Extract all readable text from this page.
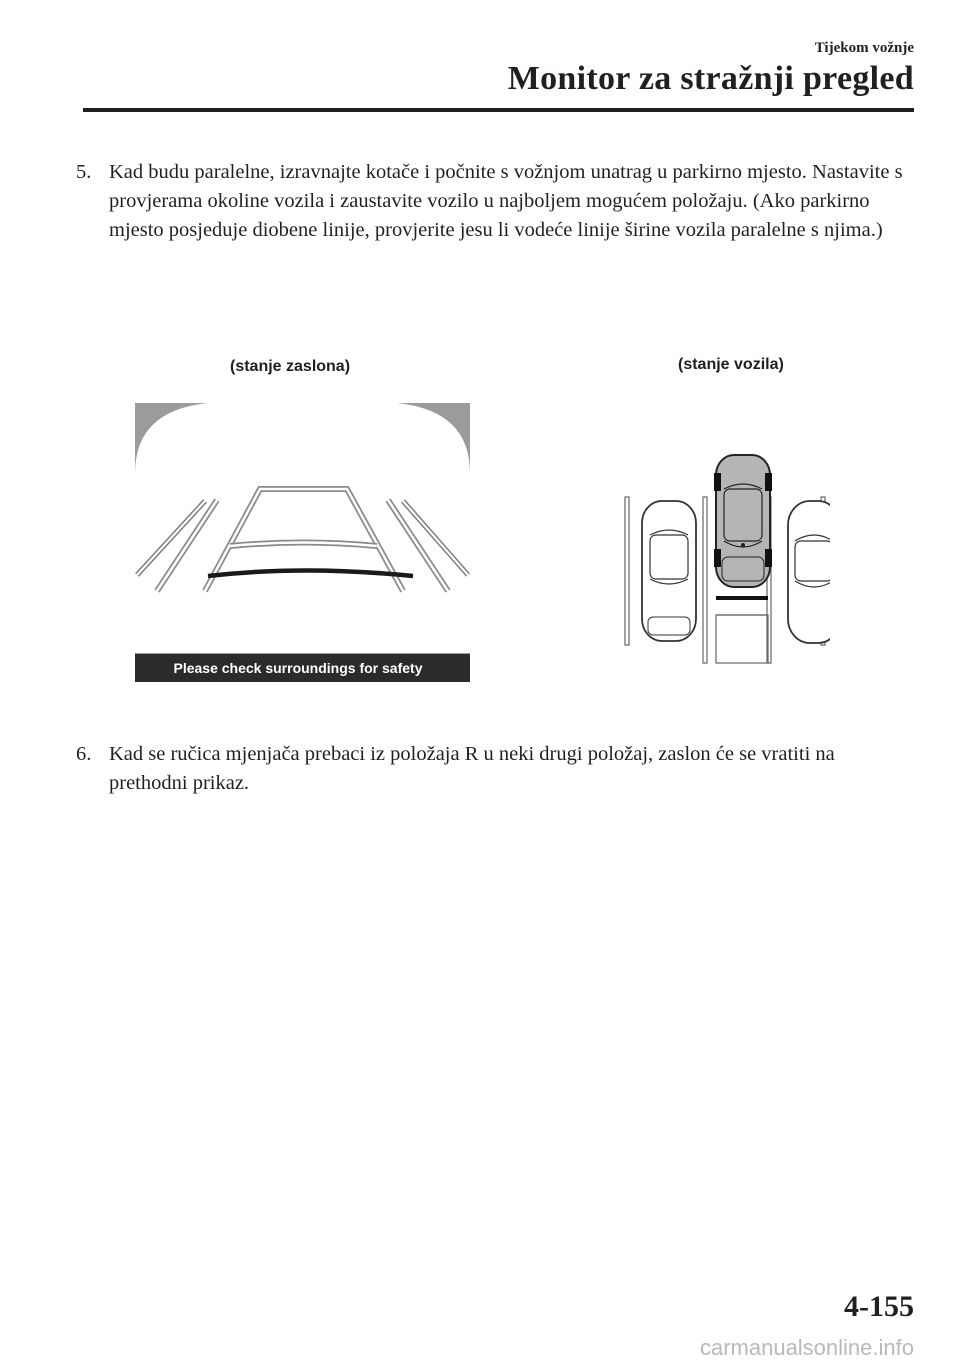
Tijekom vožnje
Monitor za stražnji pregled
5. Kad budu paralelne, izravnajte kotače i počnite s vožnjom unatrag u parkirno mjesto. Nastavite s provjerama okoline vozila i zaustavite vozilo u najboljem mogućem položaju. (Ako parkirno mjesto posjeduje diobene linije, provjerite jesu li vodeće linije širine vozila paralelne s njima.)
(stanje zaslona)	(stanje vozila)
Please check surroundings for safety
6. Kad se ručica mjenjača prebaci iz položaja R u neki drugi položaj, zaslon će se vratiti na prethodni prikaz.
4-155
carmanualsonline.info
